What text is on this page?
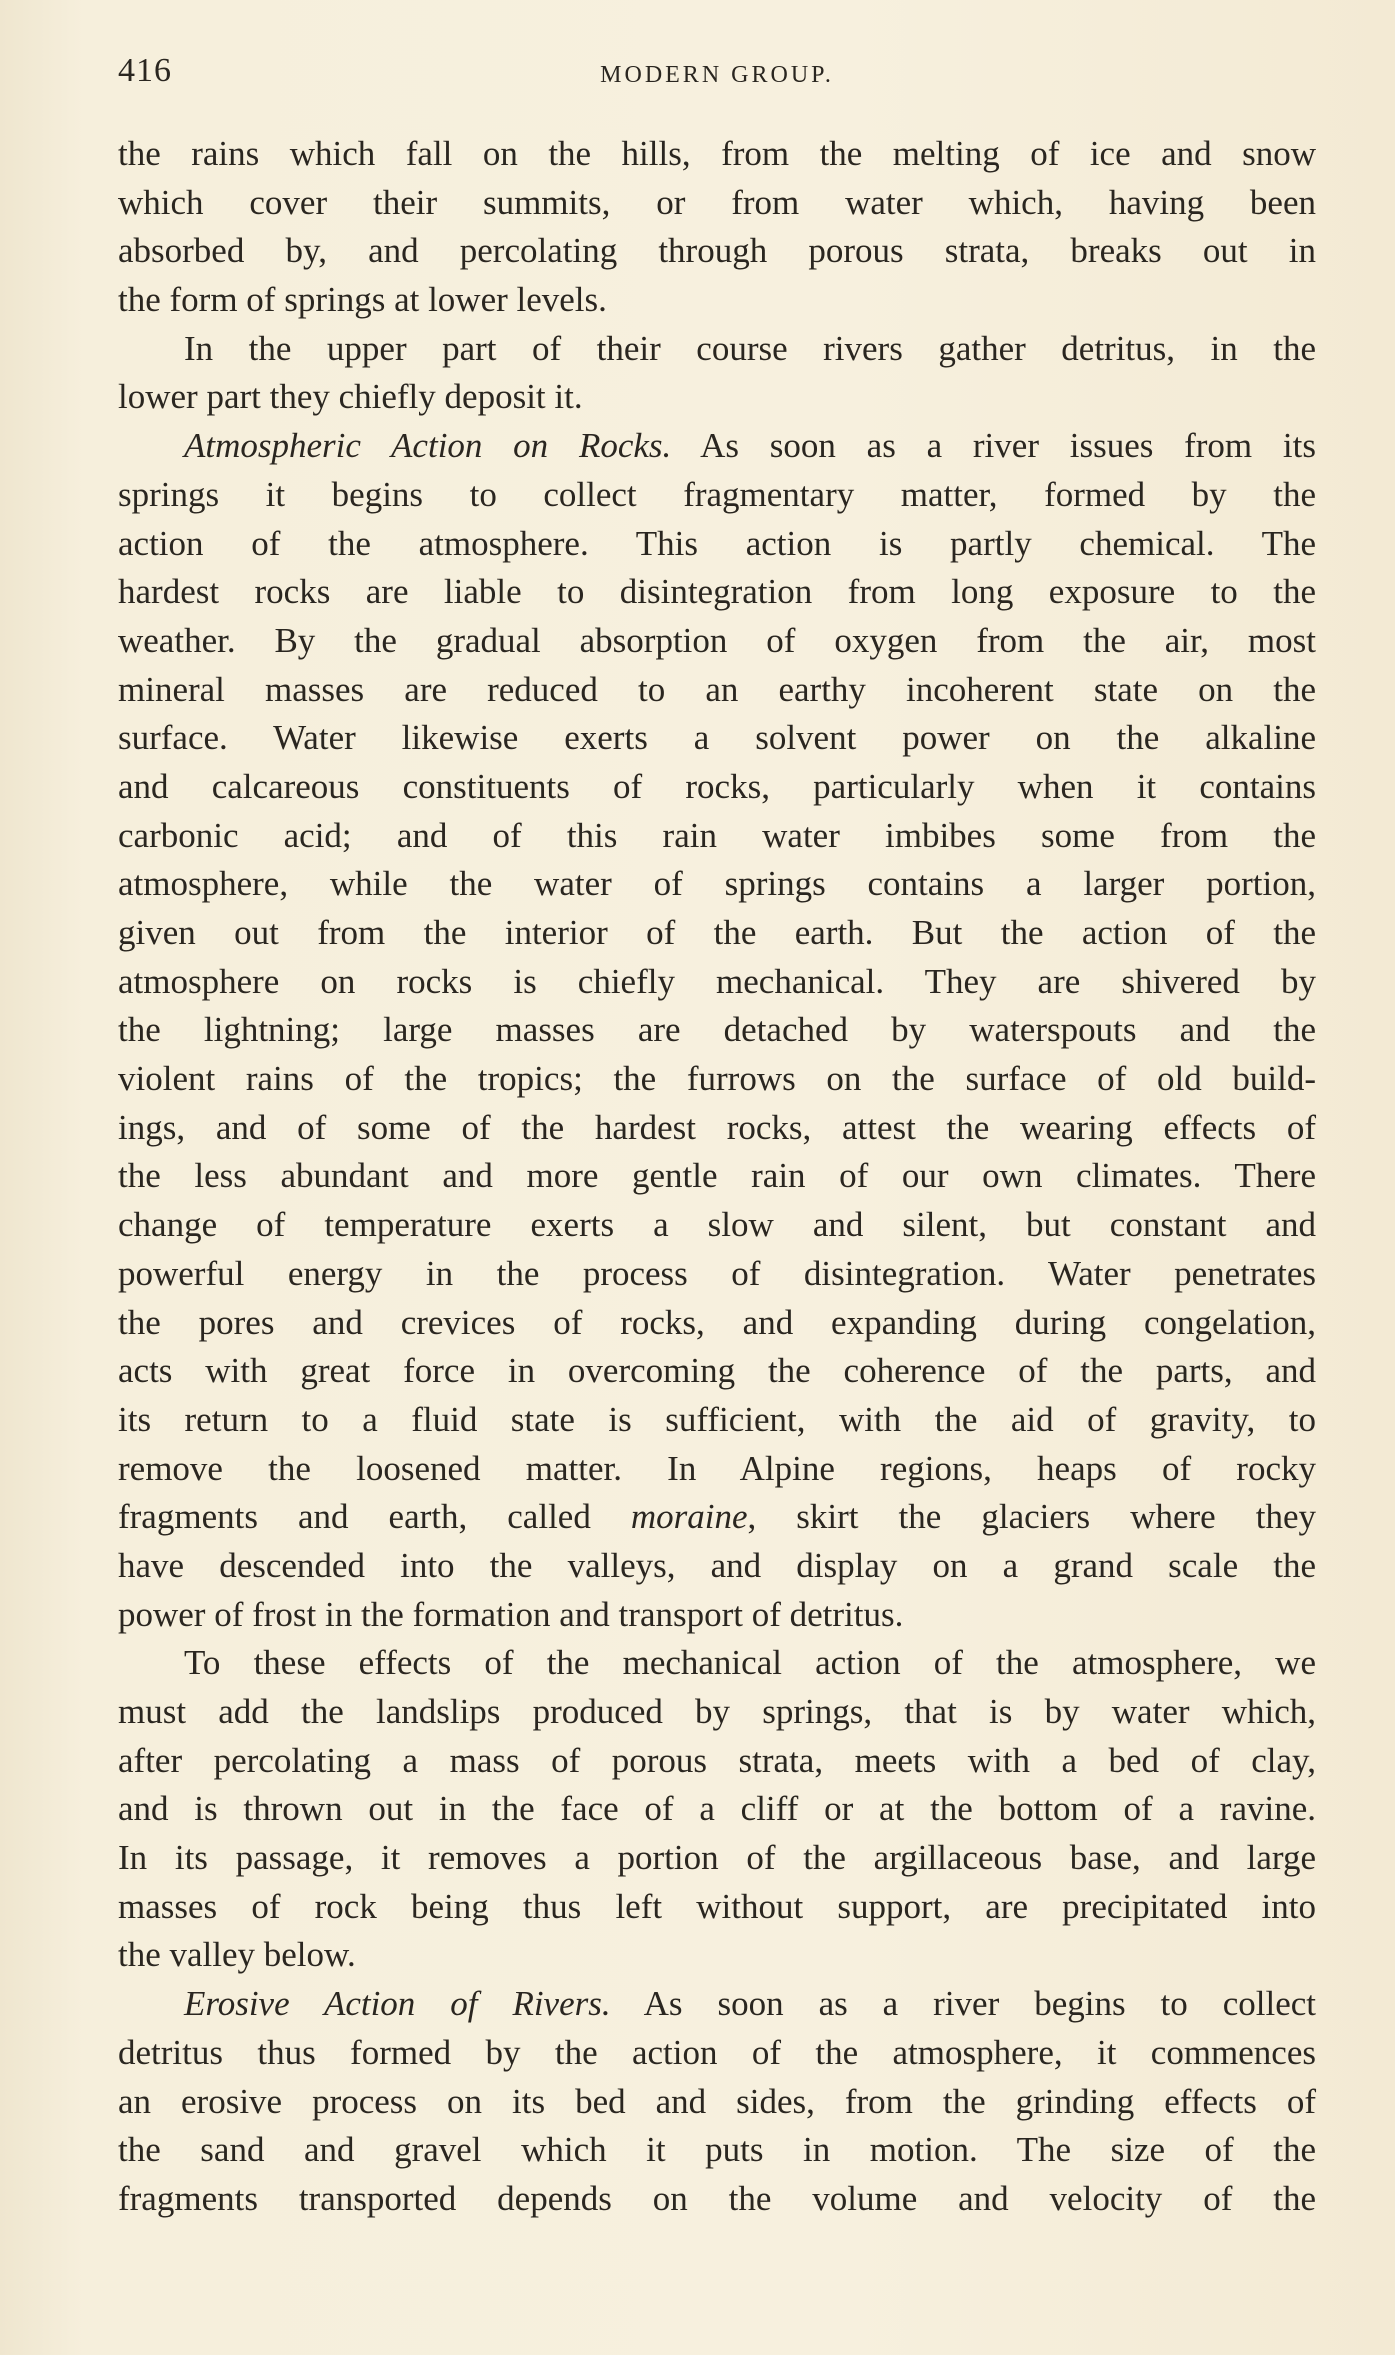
416	MODERN GROUP.
the rains which fall on the hills, from the melting of ice and snow
which cover their summits, or from water which, having been
absorbed by, and percolating through porous strata, breaks out in
the form of springs at lower levels.
In the upper part of their course rivers gather detritus, in the
lower part they chiefly deposit it.
Atmospheric Action on Rocks. As soon as a river issues from its
springs it begins to collect fragmentary matter, formed by the
action of the atmosphere. This action is partly chemical. The
hardest rocks are liable to disintegration from long exposure to the
weather. By the gradual absorption of oxygen from the air, most
mineral masses are reduced to an earthy incoherent state on the
surface. Water likewise exerts a solvent power on the alkaline
and calcareous constituents of rocks, particularly when it contains
carbonic acid; and of this rain water imbibes some from the
atmosphere, while the water of springs contains a larger portion,
given out from the interior of the earth. But the action of the
atmosphere on rocks is chiefly mechanical. They are shivered by
the lightning; large masses are detached by waterspouts and the
violent rains of the tropics; the furrows on the surface of old build-
ings, and of some of the hardest rocks, attest the wearing effects of
the less abundant and more gentle rain of our own climates. There
change of temperature exerts a slow and silent, but constant and
powerful energy in the process of disintegration. Water penetrates
the pores and crevices of rocks, and expanding during congelation,
acts with great force in overcoming the coherence of the parts, and
its return to a fluid state is sufficient, with the aid of gravity, to
remove the loosened matter. In Alpine regions, heaps of rocky
fragments and earth, called moraine, skirt the glaciers where they
have descended into the valleys, and display on a grand scale the
power of frost in the formation and transport of detritus.
To these effects of the mechanical action of the atmosphere, we
must add the landslips produced by springs, that is by water which,
after percolating a mass of porous strata, meets with a bed of clay,
and is thrown out in the face of a cliff or at the bottom of a ravine.
In its passage, it removes a portion of the argillaceous base, and large
masses of rock being thus left without support, are precipitated into
the valley below.
Erosive Action of Rivers. As soon as a river begins to collect
detritus thus formed by the action of the atmosphere, it commences
an erosive process on its bed and sides, from the grinding effects of
the sand and gravel which it puts in motion. The size of the
fragments transported depends on the volume and velocity of the
